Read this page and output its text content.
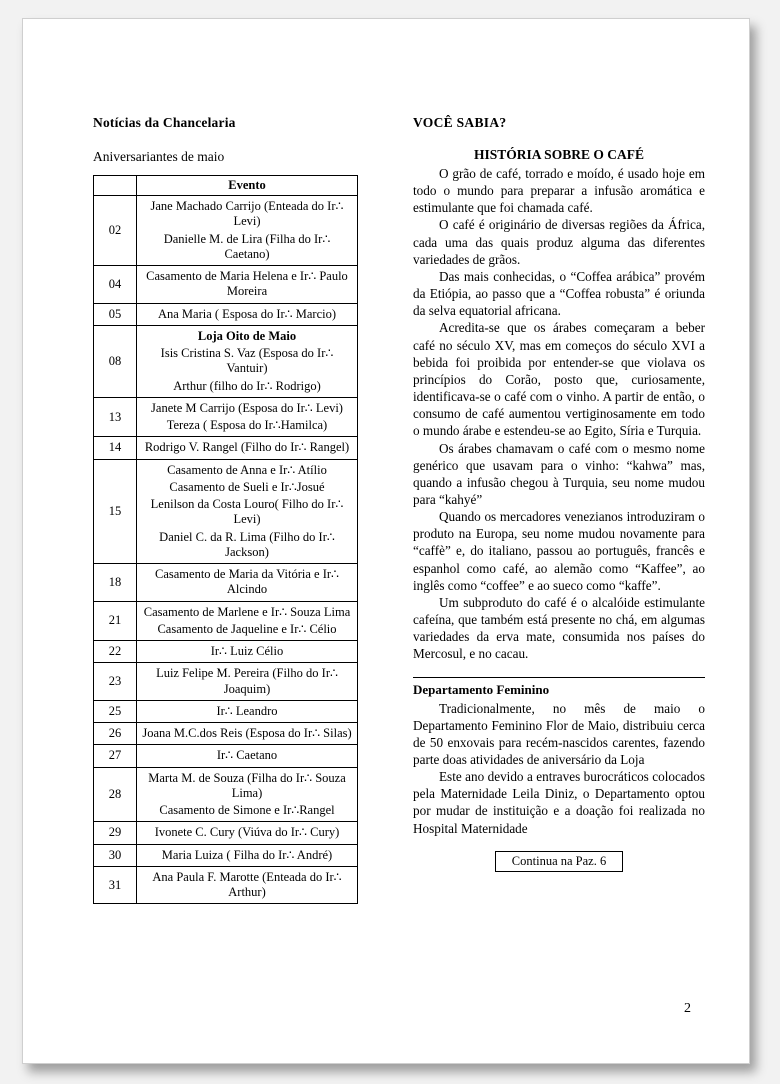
Notícias da Chancelaria
Aniversariantes de maio
	Evento
02	Jane Machado Carrijo (Enteada do Ir∴ Levi)
Danielle M. de Lira (Filha do Ir∴ Caetano)

04	Casamento de Maria Helena e Ir∴ Paulo Moreira

05	Ana Maria ( Esposa do Ir∴ Marcio)

08	Loja Oito de Maio
Isis Cristina S. Vaz (Esposa do Ir∴ Vantuir)
Arthur (filho do Ir∴ Rodrigo)

13	Janete M Carrijo (Esposa do Ir∴ Levi)
Tereza ( Esposa do Ir∴Hamilca)

14	Rodrigo V. Rangel (Filho do Ir∴ Rangel)

15	Casamento de Anna e Ir∴ Atílio
Casamento de Sueli e Ir∴Josué
Lenilson da Costa Louro( Filho do Ir∴ Levi)
Daniel C. da R. Lima (Filho do Ir∴ Jackson)

18	Casamento de Maria da Vitória e Ir∴ Alcindo

21	Casamento de Marlene e Ir∴ Souza Lima
Casamento de Jaqueline e Ir∴ Célio

22	Ir∴ Luiz Célio

23	Luiz Felipe M. Pereira (Filho do Ir∴ Joaquim)

25	Ir∴ Leandro

26	Joana M.C.dos Reis (Esposa do Ir∴ Silas)

27	Ir∴ Caetano

28	Marta M. de Souza (Filha do Ir∴ Souza Lima)
Casamento de Simone e Ir∴Rangel

29	Ivonete C. Cury (Viúva do Ir∴ Cury)

30	Maria Luiza ( Filha do Ir∴ André)

31	Ana Paula F. Marotte (Enteada do Ir∴ Arthur)
VOCÊ SABIA?
HISTÓRIA SOBRE O CAFÉ

O grão de café, torrado e moído, é usado hoje em todo o mundo para preparar a infusão aromática e estimulante que foi chamada café.

O café é originário de diversas regiões da África, cada uma das quais produz alguma das diferentes variedades de grãos.

Das mais conhecidas, o “Coffea arábica” provém da Etiópia, ao passo que a “Coffea robusta” é oriunda da selva equatorial africana.

Acredita-se que os árabes começaram a beber café no século XV, mas em começos do século XVI a bebida foi proibida por entender-se que violava os princípios do Corão, posto que, curiosamente, identificava-se o café com o vinho. A partir de então, o consumo de café aumentou vertiginosamente em todo o mundo árabe e estendeu-se ao Egito, Síria e Turquia.

Os árabes chamavam o café com o mesmo nome genérico que usavam para o vinho: “kahwa” mas, quando a infusão chegou à Turquia, seu nome mudou para “kahyé”

Quando os mercadores venezianos introduziram o produto na Europa, seu nome mudou novamente para “caffè” e, do italiano, passou ao português, francês e espanhol como café, ao alemão como “Kaffee”, ao inglês como “coffee” e ao sueco como “kaffe”.

Um subproduto do café é o alcalóide estimulante cafeína, que também está presente no chá, em algumas variedades da erva mate, consumida nos países do Mercosul, e no cacau.

Departamento Feminino

Tradicionalmente, no mês de maio o Departamento Feminino Flor de Maio, distribuiu cerca de 50 enxovais para recém-nascidos carentes, fazendo parte doas atividades de aniversário da Loja

Este ano devido a entraves burocráticos colocados pela Maternidade Leila Diniz, o Departamento optou por mudar de instituição e a doação foi realizada no Hospital Maternidade

Continua na Paz. 6
2
